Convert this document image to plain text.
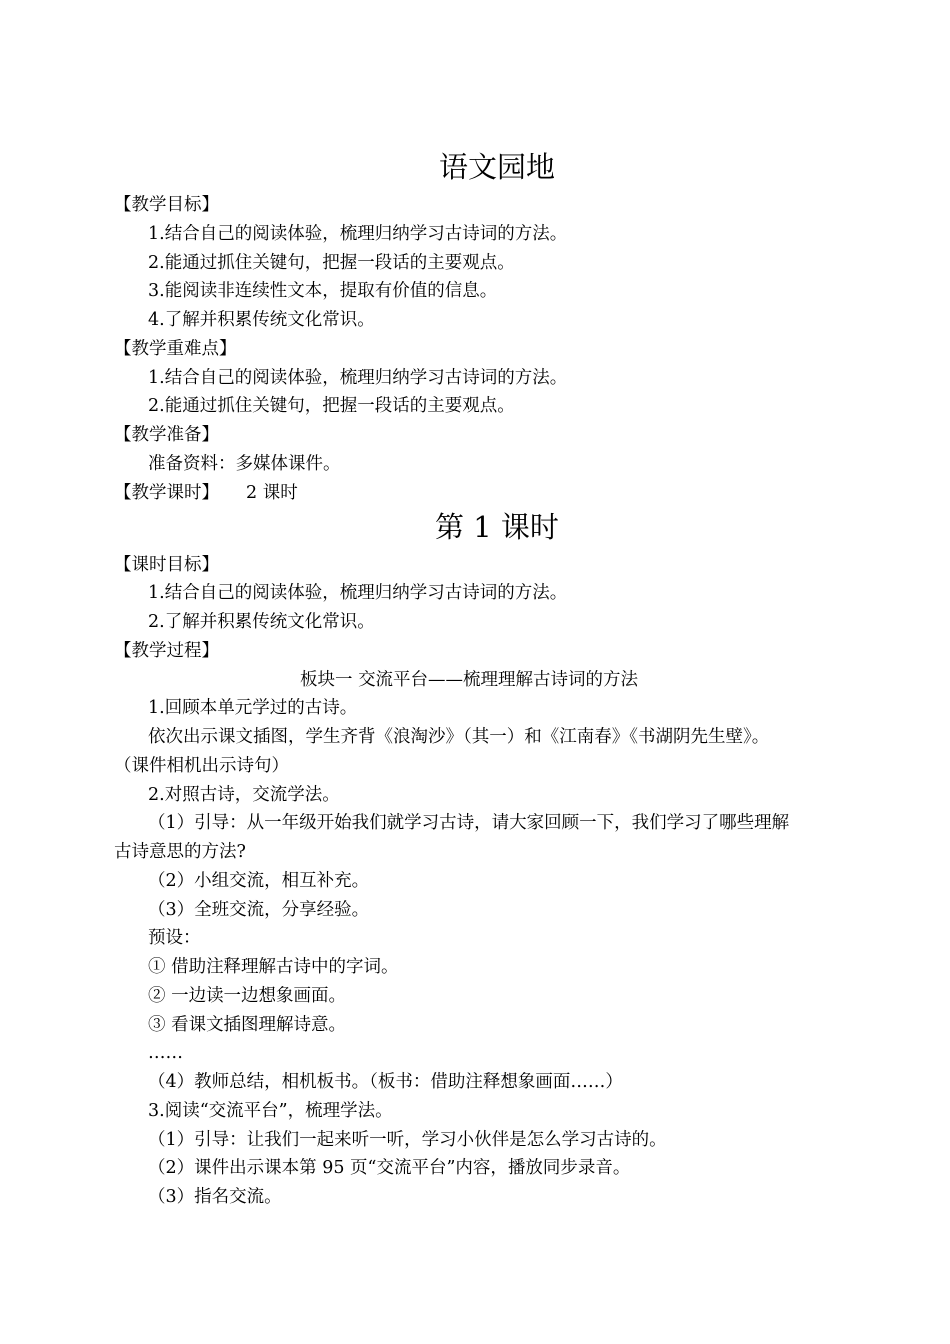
语文园地
【教学目标】
1.结合自己的阅读体验，梳理归纳学习古诗词的方法。
2.能通过抓住关键句，把握一段话的主要观点。
3.能阅读非连续性文本，提取有价值的信息。
4.了解并积累传统文化常识。
【教学重难点】
1.结合自己的阅读体验，梳理归纳学习古诗词的方法。
2.能通过抓住关键句，把握一段话的主要观点。
【教学准备】
准备资料：多媒体课件。
【教学课时】 2 课时
第 1 课时
【课时目标】
1.结合自己的阅读体验，梳理归纳学习古诗词的方法。
2.了解并积累传统文化常识。
【教学过程】
板块一 交流平台——梳理理解古诗词的方法
1.回顾本单元学过的古诗。
依次出示课文插图，学生齐背《浪淘沙》（其一）和《江南春》《书湖阴先生壁》。
（课件相机出示诗句）
2.对照古诗，交流学法。
（1）引导：从一年级开始我们就学习古诗，请大家回顾一下，我们学习了哪些理解
古诗意思的方法?
（2）小组交流，相互补充。
（3）全班交流，分享经验。
预设：
① 借助注释理解古诗中的字词。
② 一边读一边想象画面。
③ 看课文插图理解诗意。
……
（4）教师总结，相机板书。（板书：借助注释想象画面……）
3.阅读“交流平台”，梳理学法。
（1）引导：让我们一起来听一听，学习小伙伴是怎么学习古诗的。
（2）课件出示课本第 95 页“交流平台”内容，播放同步录音。
（3）指名交流。
